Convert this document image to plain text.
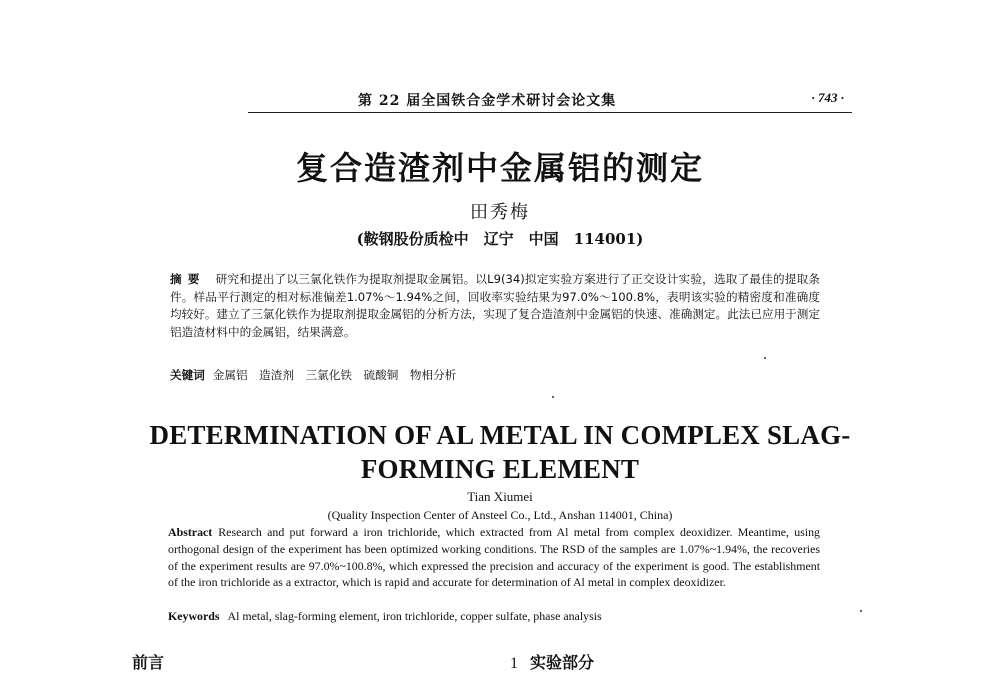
第 22 届全国铁合金学术研讨会论文集	· 743 ·
复合造渣剂中金属铝的测定
田秀梅
(鞍钢股份质检中　辽宁　中国　114001)
摘要 研究和提出了以三氯化铁作为提取剂提取金属铝。以L9(34)拟定实验方案进行了正交设计实验，选取了最佳的提取条件。样品平行测定的相对标准偏差1.07%～1.94%之间，回收率实验结果为97.0%～100.8%，表明该实验的精密度和准确度均较好。建立了三氯化铁作为提取剂提取金属铝的分析方法，实现了复合造渣剂中金属铝的快速、准确测定。此法已应用于测定铝造渣材料中的金属铝，结果满意。
关键词 金属铝　造渣剂　三氯化铁　硫酸铜　物相分析
DETERMINATION OF AL METAL IN COMPLEX SLAG-FORMING ELEMENT
Tian Xiumei
(Quality Inspection Center of Ansteel Co., Ltd., Anshan 114001, China)
Abstract Research and put forward a iron trichloride, which extracted from Al metal from complex deoxidizer. Meantime, using orthogonal design of the experiment has been optimized working conditions. The RSD of the samples are 1.07%~1.94%, the recoveries of the experiment results are 97.0%~100.8%, which expressed the precision and accuracy of the experiment is good. The establishment of the iron trichloride as a extractor, which is rapid and accurate for determination of Al metal in complex deoxidizer.
Keywords Al metal, slag-forming element, iron trichloride, copper sulfate, phase analysis
前言	1 实验部分
